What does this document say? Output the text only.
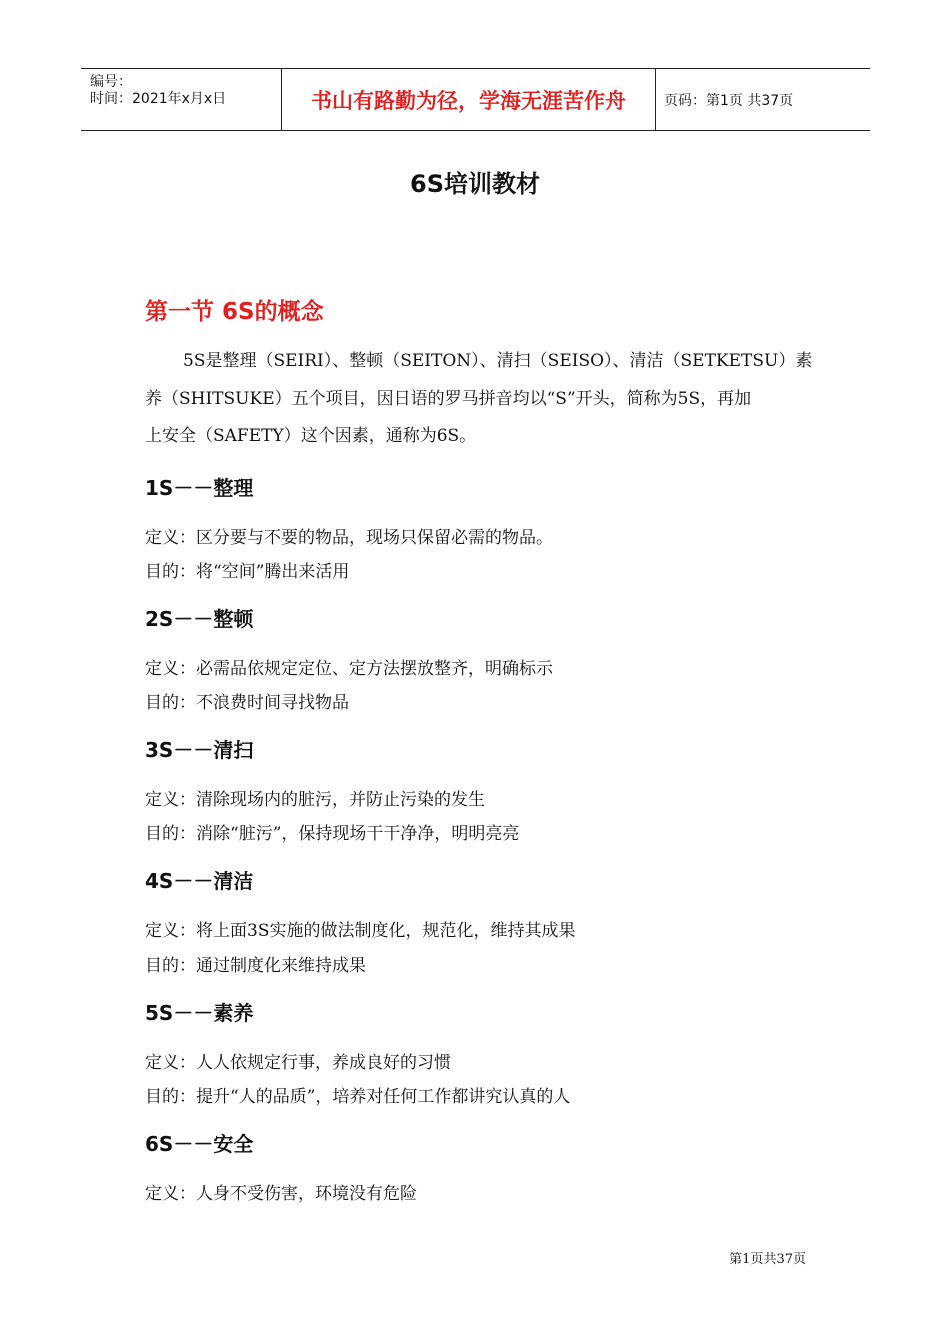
编号：
时间：2021年x月x日	书山有路勤为径，学海无涯苦作舟	页码：第1页 共37页
6S培训教材
第一节 6S的概念
5S是整理（SEIRI）、整顿（SEITON）、清扫（SEISO）、清洁（SETKETSU）素
养（SHITSUKE）五个项目，因日语的罗马拼音均以“S”开头，简称为5S，再加
上安全（SAFETY）这个因素，通称为6S。
1S－－整理
定义：区分要与不要的物品，现场只保留必需的物品。
目的：将“空间”腾出来活用
2S－－整顿
定义：必需品依规定定位、定方法摆放整齐，明确标示
目的：不浪费时间寻找物品
3S－－清扫
定义：清除现场内的脏污，并防止污染的发生
目的：消除“脏污”，保持现场干干净净，明明亮亮
4S－－清洁
定义：将上面3S实施的做法制度化，规范化，维持其成果
目的：通过制度化来维持成果
5S－－素养
定义：人人依规定行事，养成良好的习惯
目的：提升“人的品质”，培养对任何工作都讲究认真的人
6S－－安全
定义：人身不受伤害，环境没有危险
第1页共37页
